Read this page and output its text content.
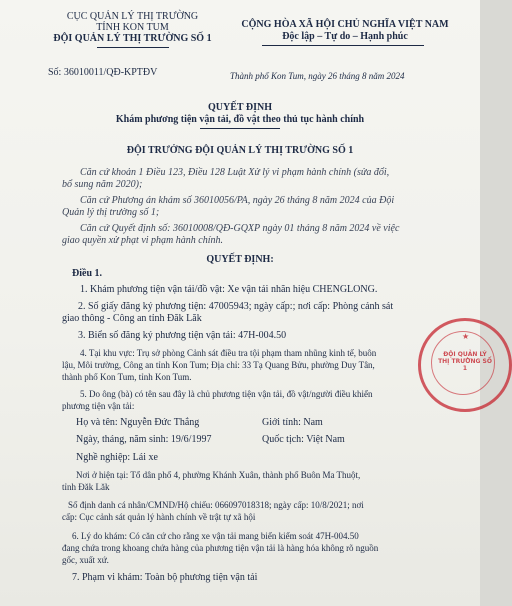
CỤC QUẢN LÝ THỊ TRƯỜNG
TỈNH KON TUM
ĐỘI QUẢN LÝ THỊ TRƯỜNG SỐ 1
Số: 36010011/QĐ-KPTĐV
CỘNG HÒA XÃ HỘI CHỦ NGHĨA VIỆT NAM
Độc lập – Tự do – Hạnh phúc
Thành phố Kon Tum, ngày 26 tháng 8 năm 2024
QUYẾT ĐỊNH
Khám phương tiện vận tải, đồ vật theo thủ tục hành chính
ĐỘI TRƯỞNG ĐỘI QUẢN LÝ THỊ TRƯỜNG SỐ 1
Căn cứ khoản 1 Điều 123, Điều 128 Luật Xử lý vi phạm hành chính (sửa đổi,
bổ sung năm 2020);
Căn cứ Phương án khám số 36010056/PA, ngày 26 tháng 8 năm 2024 của Đội
Quản lý thị trường số 1;
Căn cứ Quyết định số: 36010008/QĐ-GQXP ngày 01 tháng 8 năm 2024 về việc
giao quyền xử phạt vi phạm hành chính.
QUYẾT ĐỊNH:
Điều 1.
1. Khám phương tiện vận tải/đồ vật: Xe vận tải nhãn hiệu CHENGLONG.
2. Số giấy đăng ký phương tiện: 47005943; ngày cấp:; nơi cấp: Phòng cảnh sát
giao thông - Công an tỉnh Đăk Lăk
3. Biển số đăng ký phương tiện vận tải: 47H-004.50
4. Tại khu vực: Trụ sở phòng Cảnh sát điều tra tội phạm tham nhũng kinh tế, buôn
lậu, Môi trường, Công an tỉnh Kon Tum; Địa chỉ: 33 Tạ Quang Bửu, phường Duy Tân,
thành phố Kon Tum, tỉnh Kon Tum.
5. Do ông (bà) có tên sau đây là chủ phương tiện vận tải, đồ vật/người điều khiển
phương tiện vận tải:
Họ và tên: Nguyễn Đức Thắng	Giới tính: Nam
Ngày, tháng, năm sinh: 19/6/1997	Quốc tịch: Việt Nam
Nghề nghiệp: Lái xe
Nơi ở hiện tại: Tổ dân phố 4, phường Khánh Xuân, thành phố Buôn Ma Thuột,
tỉnh Đăk Lăk
Số định danh cá nhân/CMND/Hộ chiếu: 066097018318; ngày cấp: 10/8/2021; nơi
cấp: Cục cảnh sát quản lý hành chính về trật tự xã hội
6. Lý do khám: Có căn cứ cho rằng xe vận tải mang biển kiểm soát 47H-004.50
đang chứa trong khoang chứa hàng của phương tiện vận tải là hàng hóa không rõ nguồn
gốc, xuất xứ.
7. Phạm vi khám: Toàn bộ phương tiện vận tải
★
ĐỘI QUẢN LÝ THỊ TRƯỜNG SỐ 1
